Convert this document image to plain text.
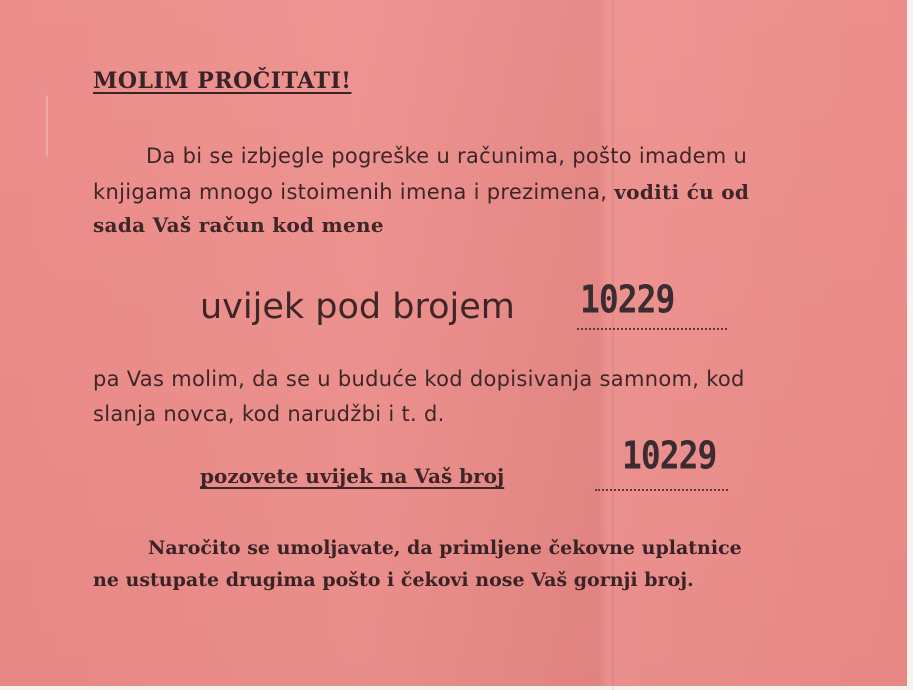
MOLIM PROČITATI!
Da bi se izbjegle pogreške u računima, pošto imadem u
knjigama mnogo istoimenih imena i prezimena, voditi ću od
sada Vaš račun kod mene
uvijek pod brojem 10229
pa Vas molim, da se u buduće kod dopisivanja samnom, kod
slanja novca, kod narudžbi i t. d.
pozovete uvijek na Vaš broj	10229
Naročito se umoljavate, da primljene čekovne uplatnice
ne ustupate drugima pošto i čekovi nose Vaš gornji broj.
